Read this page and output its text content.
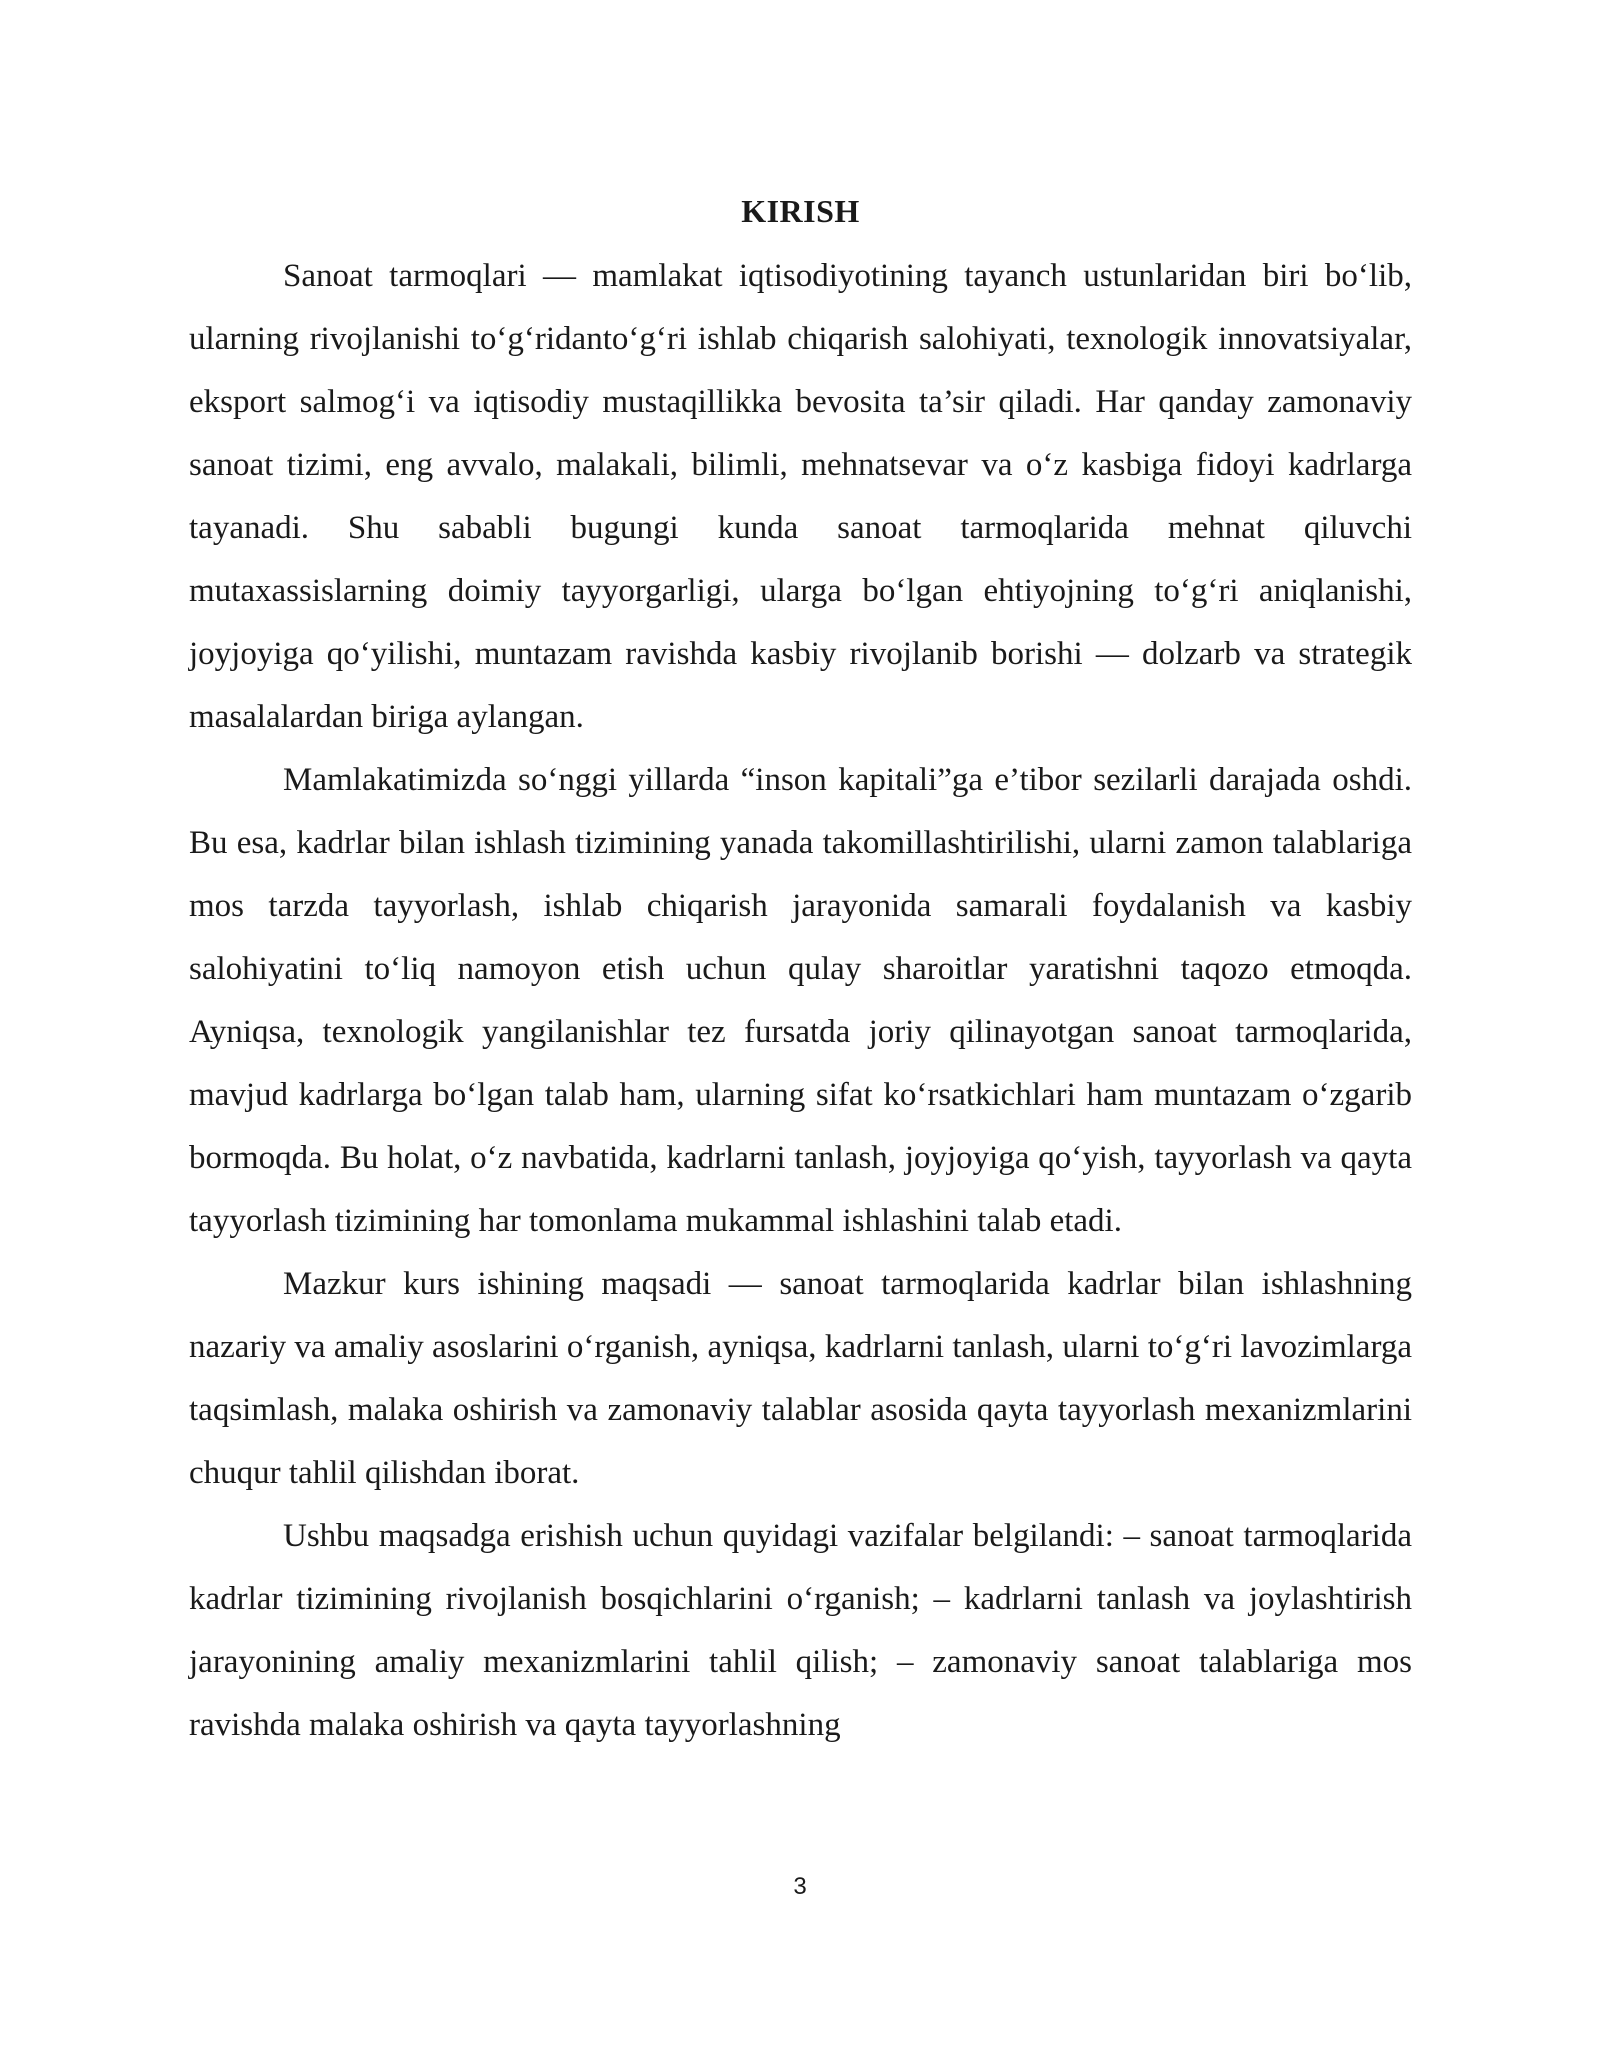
KIRISH

Sanoat tarmoqlari — mamlakat iqtisodiyotining tayanch ustunlaridan biri bo‘lib, ularning rivojlanishi to‘g‘ridanto‘g‘ri ishlab chiqarish salohiyati, texnologik innovatsiyalar, eksport salmog‘i va iqtisodiy mustaqillikka bevosita ta’sir qiladi. Har qanday zamonaviy sanoat tizimi, eng avvalo, malakali, bilimli, mehnatsevar va o‘z kasbiga fidoyi kadrlarga tayanadi. Shu sababli bugungi kunda sanoat tarmoqlarida mehnat qiluvchi mutaxassislarning doimiy tayyorgarligi, ularga bo‘lgan ehtiyojning to‘g‘ri aniqlanishi, joyjoyiga qo‘yilishi, muntazam ravishda kasbiy rivojlanib borishi — dolzarb va strategik masalalardan biriga aylangan.

Mamlakatimizda so‘nggi yillarda “inson kapitali”ga e’tibor sezilarli darajada oshdi. Bu esa, kadrlar bilan ishlash tizimining yanada takomillashtirilishi, ularni zamon talablariga mos tarzda tayyorlash, ishlab chiqarish jarayonida samarali foydalanish va kasbiy salohiyatini to‘liq namoyon etish uchun qulay sharoitlar yaratishni taqozo etmoqda. Ayniqsa, texnologik yangilanishlar tez fursatda joriy qilinayotgan sanoat tarmoqlarida, mavjud kadrlarga bo‘lgan talab ham, ularning sifat ko‘rsatkichlari ham muntazam o‘zgarib bormoqda. Bu holat, o‘z navbatida, kadrlarni tanlash, joyjoyiga qo‘yish, tayyorlash va qayta tayyorlash tizimining har tomonlama mukammal ishlashini talab etadi.

Mazkur kurs ishining maqsadi — sanoat tarmoqlarida kadrlar bilan ishlashning nazariy va amaliy asoslarini o‘rganish, ayniqsa, kadrlarni tanlash, ularni to‘g‘ri lavozimlarga taqsimlash, malaka oshirish va zamonaviy talablar asosida qayta tayyorlash mexanizmlarini chuqur tahlil qilishdan iborat.

Ushbu maqsadga erishish uchun quyidagi vazifalar belgilandi: – sanoat tarmoqlarida kadrlar tizimining rivojlanish bosqichlarini o‘rganish; – kadrlarni tanlash va joylashtirish jarayonining amaliy mexanizmlarini tahlil qilish; – zamonaviy sanoat talablariga mos ravishda malaka oshirish va qayta tayyorlashning

3
